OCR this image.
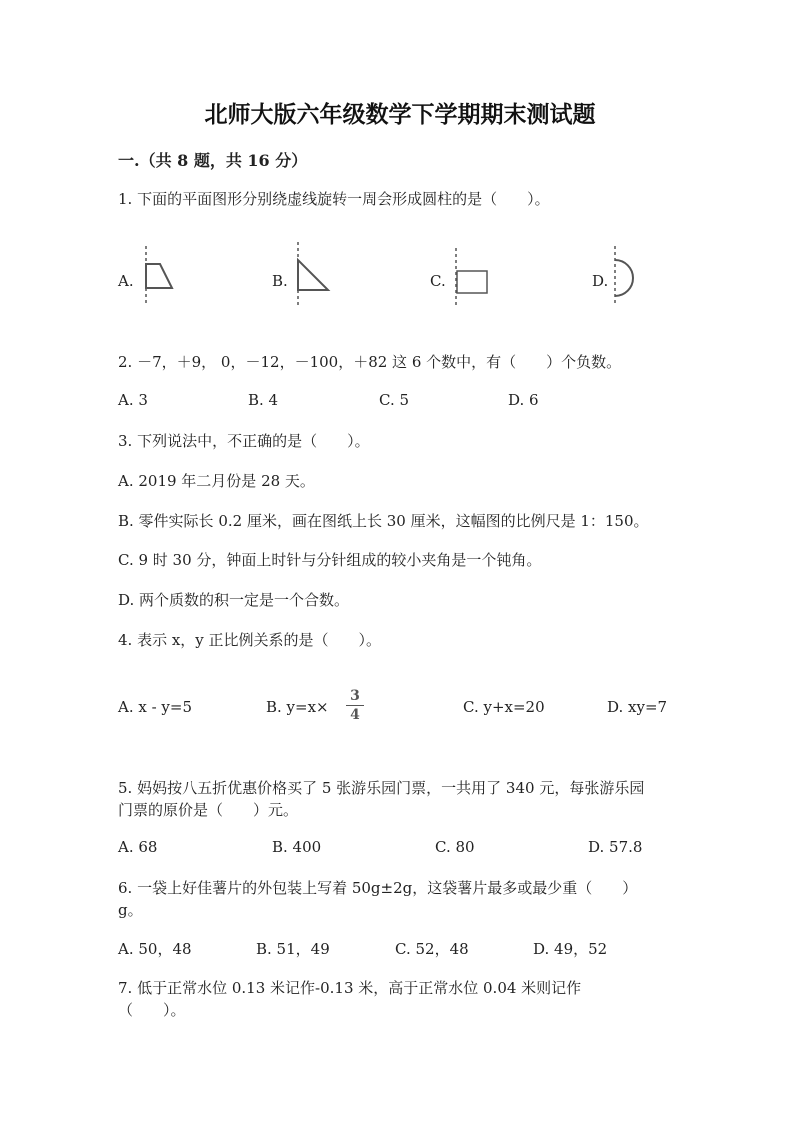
北师大版六年级数学下学期期末测试题
一.（共 8 题，共 16 分）
1. 下面的平面图形分别绕虚线旋转一周会形成圆柱的是（　　）。
A.	B.	C.	D.
2. －7，＋9， 0，－12，－100，＋82 这 6 个数中，有（　　）个负数。
A. 3	B. 4	C. 5	D. 6
3. 下列说法中，不正确的是（　　）。
A. 2019 年二月份是 28 天。
B. 零件实际长 0.2 厘米，画在图纸上长 30 厘米，这幅图的比例尺是 1：150。
C. 9 时 30 分，钟面上时针与分针组成的较小夹角是一个钝角。
D. 两个质数的积一定是一个合数。
4. 表示 x，y 正比例关系的是（　　）。
A. x - y=5	B. y=x×
3
4	C. y+x=20	D. xy=7
5. 妈妈按八五折优惠价格买了 5 张游乐园门票，一共用了 340 元，每张游乐园
门票的原价是（　　）元。
A. 68	B. 400	C. 80	D. 57.8
6. 一袋上好佳薯片的外包装上写着 50g±2g，这袋薯片最多或最少重（　　）
g。
A. 50，48	B. 51，49	C. 52，48	D. 49，52
7. 低于正常水位 0.13 米记作-0.13 米，高于正常水位 0.04 米则记作
（　　）。
